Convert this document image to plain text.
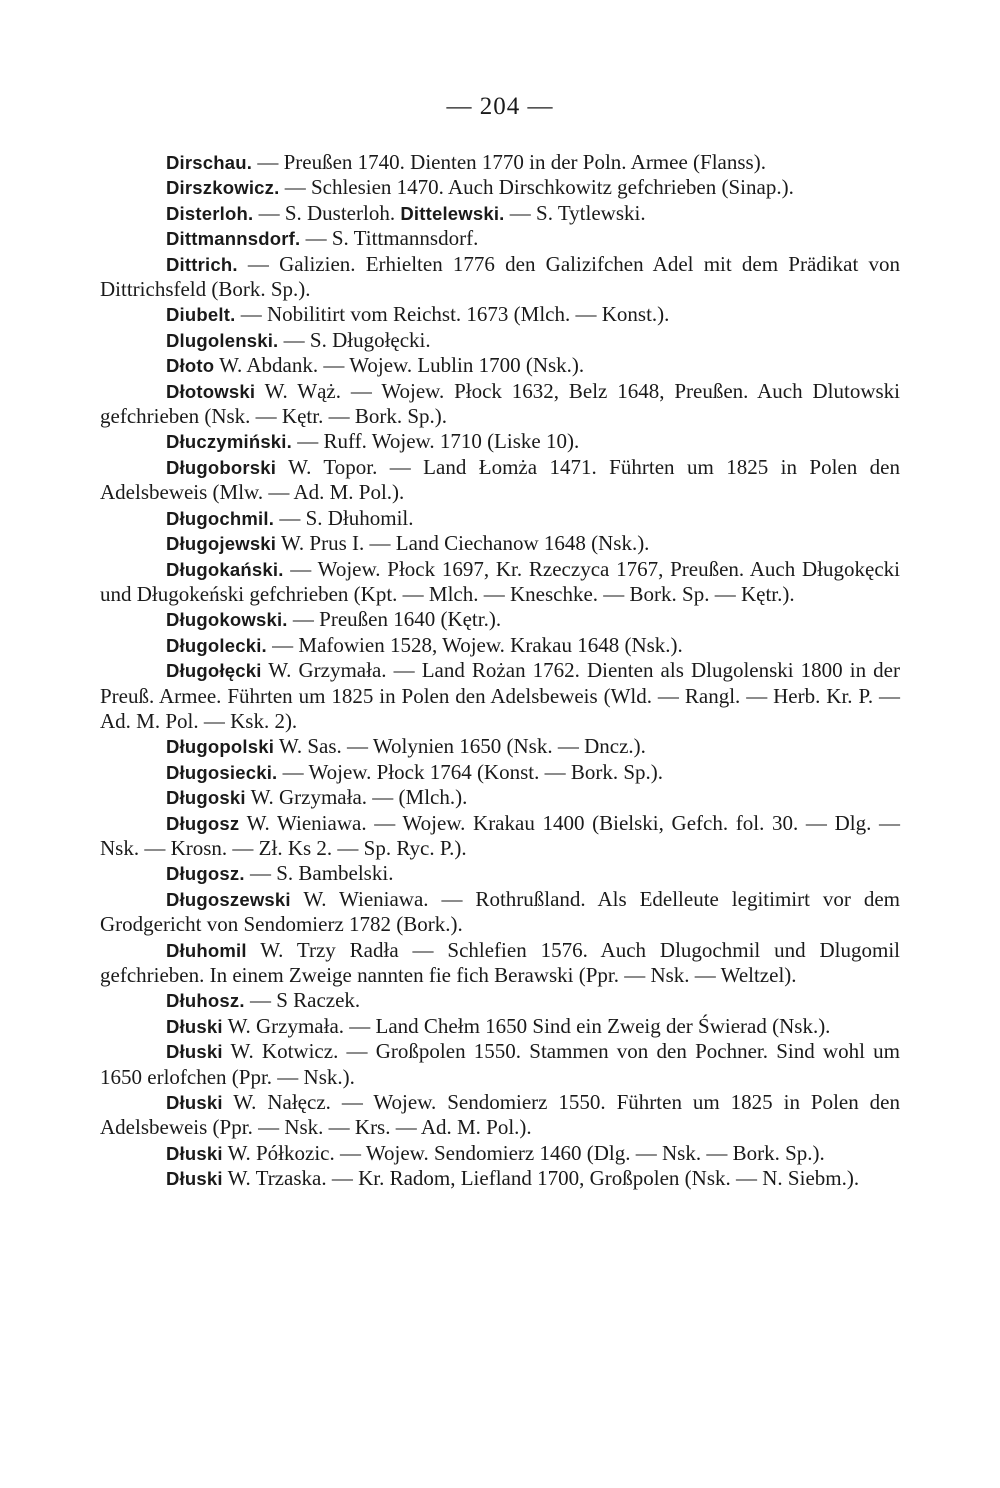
— 204 —

Dirschau. — Preußen 1740. Dienten 1770 in der Poln. Armee (Flanss).

Dirszkowicz. — Schlesien 1470. Auch Dirschkowitz gefchrieben (Sinap.).

Disterloh. — S. Dusterloh. Dittelewski. — S. Tytlewski.

Dittmannsdorf. — S. Tittmannsdorf.

Dittrich. — Galizien. Erhielten 1776 den Galizifchen Adel mit dem Prädikat von Dittrichsfeld (Bork. Sp.).

Diubelt. — Nobilitirt vom Reichst. 1673 (Mlch. — Konst.).

Dlugolenski. — S. Długołęcki.

Dłoto W. Abdank. — Wojew. Lublin 1700 (Nsk.).

Dłotowski W. Wąż. — Wojew. Płock 1632, Belz 1648, Preußen. Auch Dlutowski gefchrieben (Nsk. — Kętr. — Bork. Sp.).

Dłuczymiński. — Ruff. Wojew. 1710 (Liske 10).

Długoborski W. Topor. — Land Łomża 1471. Führten um 1825 in Polen den Adelsbeweis (Mlw. — Ad. M. Pol.).

Długochmil. — S. Dłuhomil.

Długojewski W. Prus I. — Land Ciechanow 1648 (Nsk.).

Długokański. — Wojew. Płock 1697, Kr. Rzeczyca 1767, Preußen. Auch Długokęcki und Długokeński gefchrieben (Kpt. — Mlch. — Kneschke. — Bork. Sp. — Kętr.).

Długokowski. — Preußen 1640 (Kętr.).

Długolecki. — Mafowien 1528, Wojew. Krakau 1648 (Nsk.).

Długołęcki W. Grzymała. — Land Rożan 1762. Dienten als Dlugolenski 1800 in der Preuß. Armee. Führten um 1825 in Polen den Adelsbeweis (Wld. — Rangl. — Herb. Kr. P. — Ad. M. Pol. — Ksk. 2).

Długopolski W. Sas. — Wolynien 1650 (Nsk. — Dncz.).

Długosiecki. — Wojew. Płock 1764 (Konst. — Bork. Sp.).

Długoski W. Grzymała. — (Mlch.).

Długosz W. Wieniawa. — Wojew. Krakau 1400 (Bielski, Gefch. fol. 30. — Dlg. — Nsk. — Krosn. — Zł. Ks 2. — Sp. Ryc. P.).

Długosz. — S. Bambelski.

Długoszewski W. Wieniawa. — Rothrußland. Als Edelleute legitimirt vor dem Grodgericht von Sendomierz 1782 (Bork.).

Dłuhomil W. Trzy Radła — Schlefien 1576. Auch Dlugochmil und Dlugomil gefchrieben. In einem Zweige nannten fie fich Berawski (Ppr. — Nsk. — Weltzel).

Dłuhosz. — S Raczek.

Dłuski W. Grzymała. — Land Chełm 1650 Sind ein Zweig der Świerad (Nsk.).

Dłuski W. Kotwicz. — Großpolen 1550. Stammen von den Pochner. Sind wohl um 1650 erlofchen (Ppr. — Nsk.).

Dłuski W. Nałęcz. — Wojew. Sendomierz 1550. Führten um 1825 in Polen den Adelsbeweis (Ppr. — Nsk. — Krs. — Ad. M. Pol.).

Dłuski W. Półkozic. — Wojew. Sendomierz 1460 (Dlg. — Nsk. — Bork. Sp.).

Dłuski W. Trzaska. — Kr. Radom, Liefland 1700, Großpolen (Nsk. — N. Siebm.).
